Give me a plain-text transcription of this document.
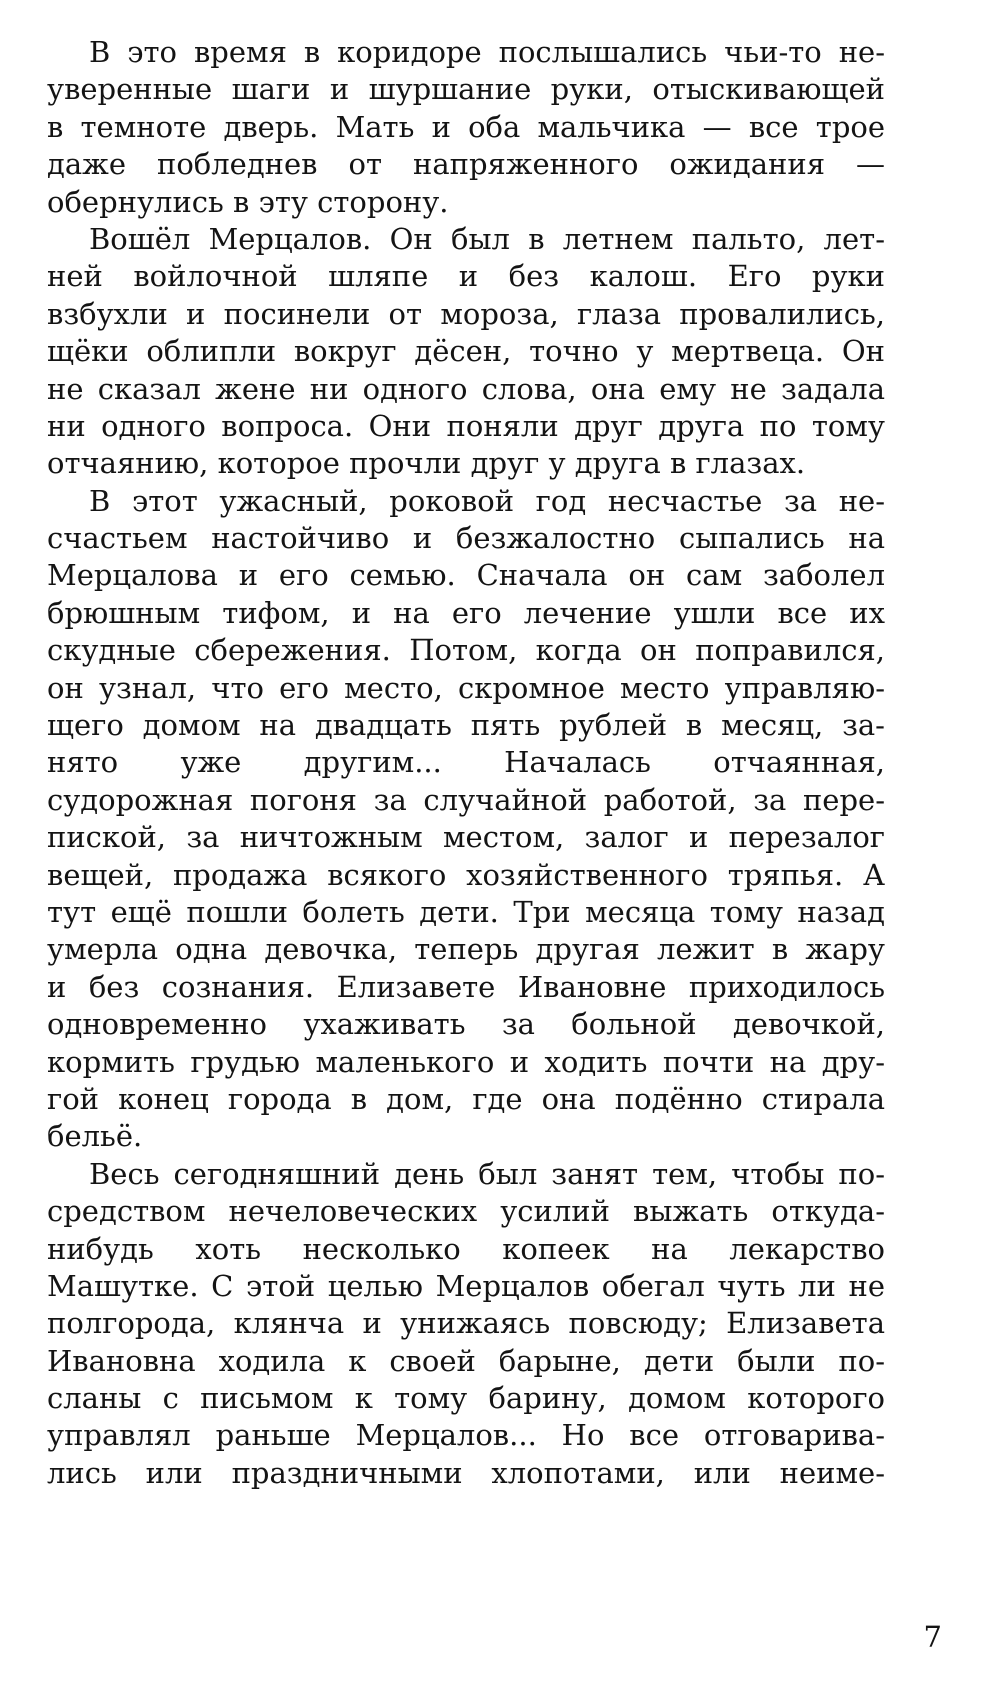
В это время в коридоре послышались чьи-то не-
уверенные шаги и шуршание руки, отыскивающей
в темноте дверь. Мать и оба мальчика — все трое
даже побледнев от напряженного ожидания —
обернулись в эту сторону.
Вошёл Мерцалов. Он был в летнем пальто, лет-
ней войлочной шляпе и без калош. Его руки
взбухли и посинели от мороза, глаза провалились,
щёки облипли вокруг дёсен, точно у мертвеца. Он
не сказал жене ни одного слова, она ему не задала
ни одного вопроса. Они поняли друг друга по тому
отчаянию, которое прочли друг у друга в глазах.
В этот ужасный, роковой год несчастье за не-
счастьем настойчиво и безжалостно сыпались на
Мерцалова и его семью. Сначала он сам заболел
брюшным тифом, и на его лечение ушли все их
скудные сбережения. Потом, когда он поправился,
он узнал, что его место, скромное место управляю-
щего домом на двадцать пять рублей в месяц, за-
нято уже другим... Началась отчаянная,
судорожная погоня за случайной работой, за пере-
пиской, за ничтожным местом, залог и перезалог
вещей, продажа всякого хозяйственного тряпья. А
тут ещё пошли болеть дети. Три месяца тому назад
умерла одна девочка, теперь другая лежит в жару
и без сознания. Елизавете Ивановне приходилось
одновременно ухаживать за больной девочкой,
кормить грудью маленького и ходить почти на дру-
гой конец города в дом, где она подённо стирала
бельё.
Весь сегодняшний день был занят тем, чтобы по-
средством нечеловеческих усилий выжать откуда-
нибудь хоть несколько копеек на лекарство
Машутке. С этой целью Мерцалов обегал чуть ли не
полгорода, клянча и унижаясь повсюду; Елизавета
Ивановна ходила к своей барыне, дети были по-
сланы с письмом к тому барину, домом которого
управлял раньше Мерцалов... Но все отговарива-
лись или праздничными хлопотами, или неиме-
7
